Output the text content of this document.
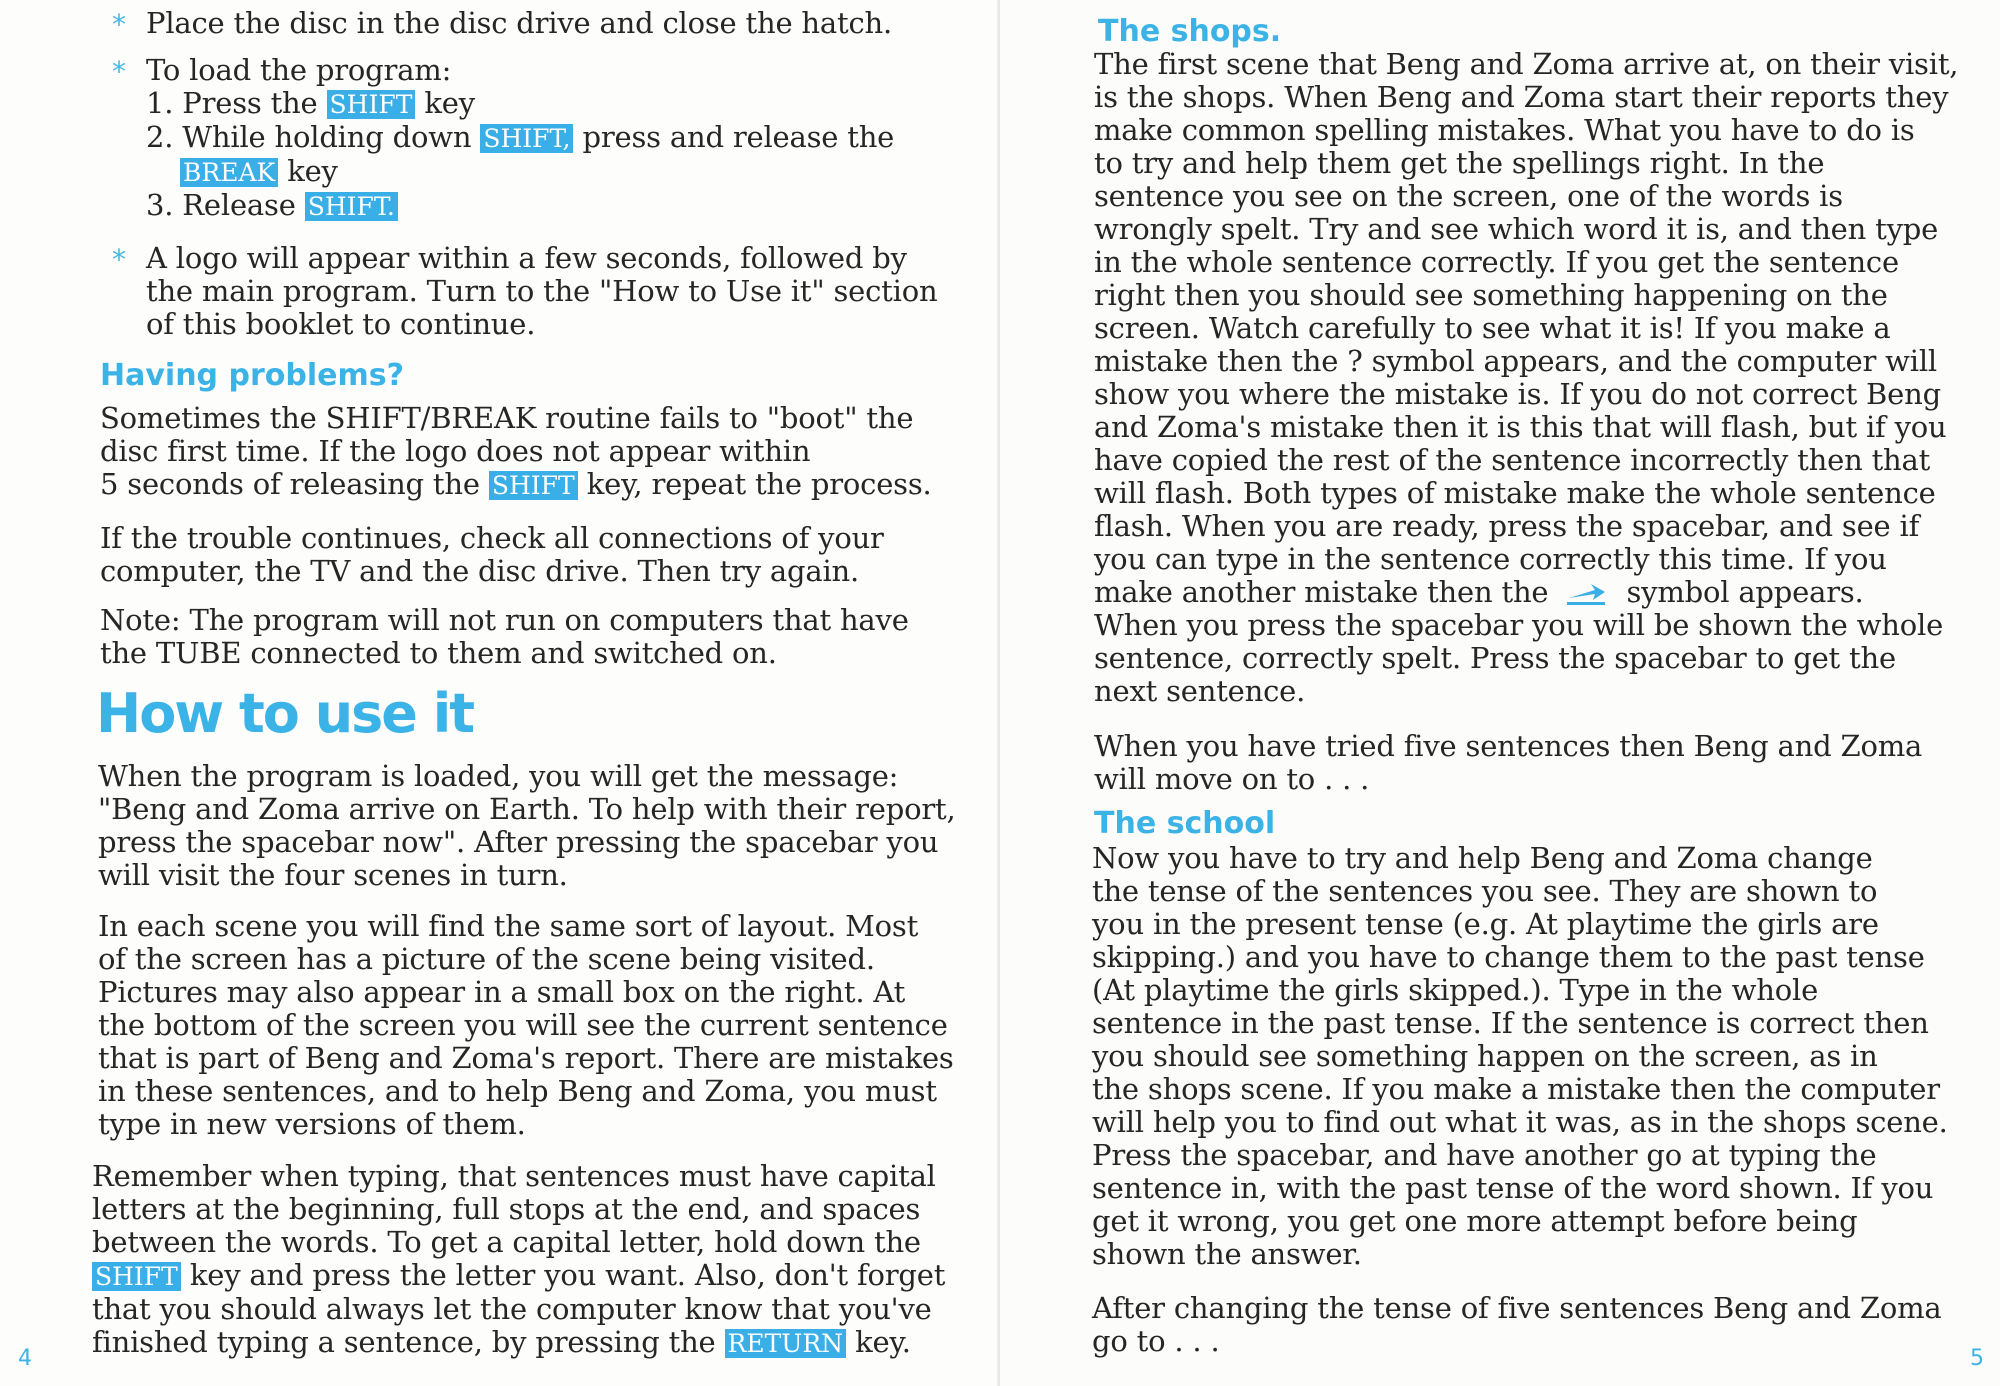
* Place the disc in the disc drive and close the hatch.
* To load the program:
1. Press the SHIFT key
2. While holding down SHIFT, press and release the
BREAK key
3. Release SHIFT.
* A logo will appear within a few seconds, followed by
the main program. Turn to the "How to Use it" section
of this booklet to continue.
Having problems?
Sometimes the SHIFT/BREAK routine fails to "boot" the
disc first time. If the logo does not appear within
5 seconds of releasing the SHIFT key, repeat the process.
If the trouble continues, check all connections of your
computer, the TV and the disc drive. Then try again.
Note: The program will not run on computers that have
the TUBE connected to them and switched on.
How to use it
When the program is loaded, you will get the message:
"Beng and Zoma arrive on Earth. To help with their report,
press the spacebar now". After pressing the spacebar you
will visit the four scenes in turn.
In each scene you will find the same sort of layout. Most
of the screen has a picture of the scene being visited.
Pictures may also appear in a small box on the right. At
the bottom of the screen you will see the current sentence
that is part of Beng and Zoma's report. There are mistakes
in these sentences, and to help Beng and Zoma, you must
type in new versions of them.
Remember when typing, that sentences must have capital
letters at the beginning, full stops at the end, and spaces
between the words. To get a capital letter, hold down the
SHIFT key and press the letter you want. Also, don't forget
that you should always let the computer know that you've
finished typing a sentence, by pressing the RETURN key.
4
The shops.
The first scene that Beng and Zoma arrive at, on their visit,
is the shops. When Beng and Zoma start their reports they
make common spelling mistakes. What you have to do is
to try and help them get the spellings right. In the
sentence you see on the screen, one of the words is
wrongly spelt. Try and see which word it is, and then type
in the whole sentence correctly. If you get the sentence
right then you should see something happening on the
screen. Watch carefully to see what it is! If you make a
mistake then the ? symbol appears, and the computer will
show you where the mistake is. If you do not correct Beng
and Zoma's mistake then it is this that will flash, but if you
have copied the rest of the sentence incorrectly then that
will flash. Both types of mistake make the whole sentence
flash. When you are ready, press the spacebar, and see if
you can type in the sentence correctly this time. If you
make another mistake then the	symbol appears.
When you press the spacebar you will be shown the whole
sentence, correctly spelt. Press the spacebar to get the
next sentence.
When you have tried five sentences then Beng and Zoma
will move on to . . .
The school
Now you have to try and help Beng and Zoma change
the tense of the sentences you see. They are shown to
you in the present tense (e.g. At playtime the girls are
skipping.) and you have to change them to the past tense
(At playtime the girls skipped.). Type in the whole
sentence in the past tense. If the sentence is correct then
you should see something happen on the screen, as in
the shops scene. If you make a mistake then the computer
will help you to find out what it was, as in the shops scene.
Press the spacebar, and have another go at typing the
sentence in, with the past tense of the word shown. If you
get it wrong, you get one more attempt before being
shown the answer.
After changing the tense of five sentences Beng and Zoma
go to . . .
5
